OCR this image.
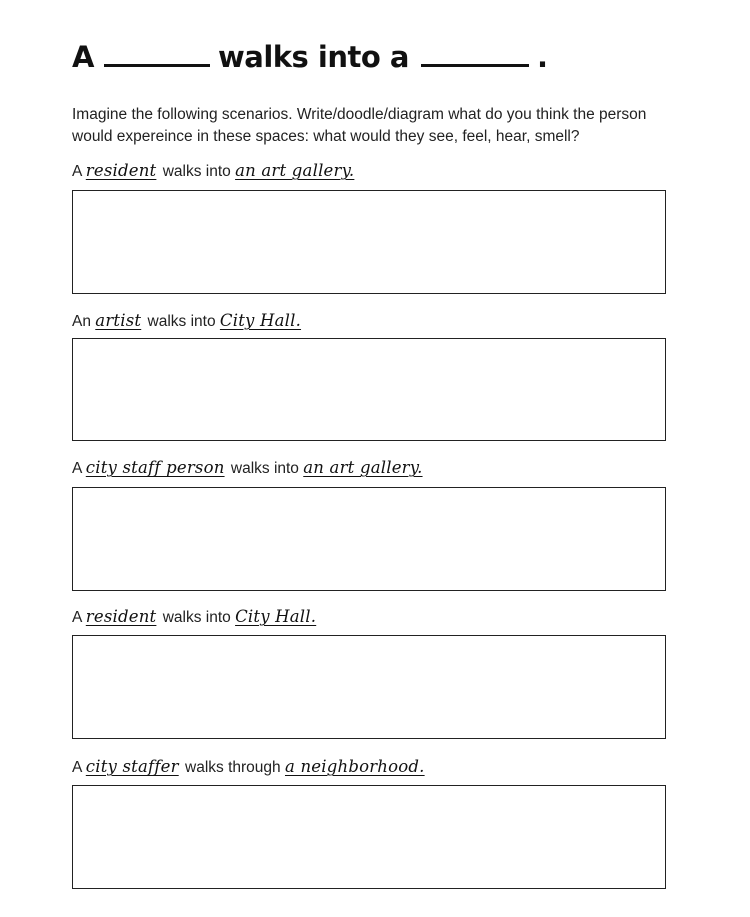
A	walks into a	.
Imagine the following scenarios. Write/doodle/diagram what do you think the person would expereince in these spaces: what would they see, feel, hear, smell?
A resident walks into an art gallery.
An artist walks into City Hall.
A city staff person walks into an art gallery.
A resident walks into City Hall.
A city staffer walks through a neighborhood.
